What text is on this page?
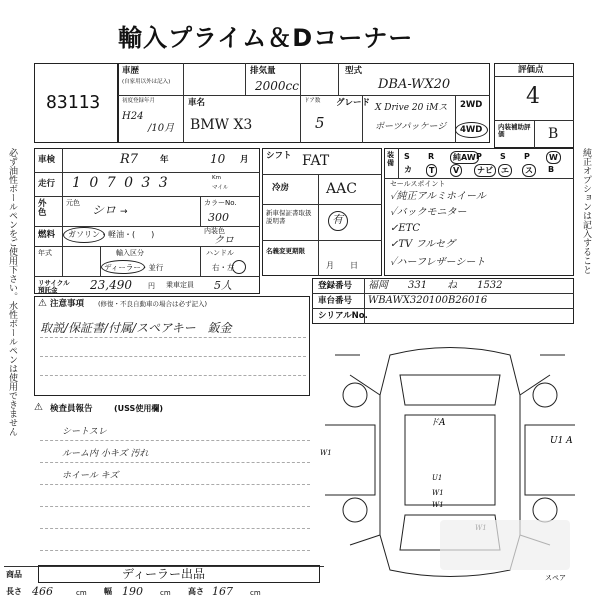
輸入プライム＆Dコーナー
必ず油性ボールペンをご使用下さい。水性ボールペンは使用できません	純正オプションは記入すること
83113
車歴
(自家用以外は記入)
排気量
2000cc
型式
DBA-WX20
初度登録年月
H24
/10月
車名
BMW X3
ドア数
5
グレード X Drive 20 iMスポーツパッケージ
2WD
4WD
評価点
4
内装補助評価	B
車検	R7	年	10 月
走行 1 0 7 0 3 3	Km
マイル
外色
元色 シロ →
カラーNo.
300
燃料 ガソリン・軽油・(　　)	内装色
クロ
年式	輸入区分
ディーラー・並行
ハンドル
右・左
リサイクル預託金	23,490 円 乗車定員 5人
シフト FAT
冷房	AAC
新車保証書取扱説明書	有
名義変更期限
月　　日
装備
S R	純AW P S P	W
カ	T	V	ナビ	エ	ス	B
セールスポイント
✓純正アルミホイール
✓バックモニター
✓ETC
✓TV フルセグ
✓ハーフレザーシート
登録番号 福岡　　331　　ね　　1532
車台番号 WBAWX320100B26016
シリアルNo.
注意事項 (修復・不良自動車の場合は必ず記入)
⚠
取説/保証書/付属/スペアキー　鈑金
検査員報告	(USS使用欄)
⚠
シートスレ
ルーム内 小キズ 汚れ
ホイール キズ
ドA
W1
U1 A
U1
W1
W1
スペア
商品	ディーラー出品
長さ 466	cm 幅 190 cm 高さ 167 cm
